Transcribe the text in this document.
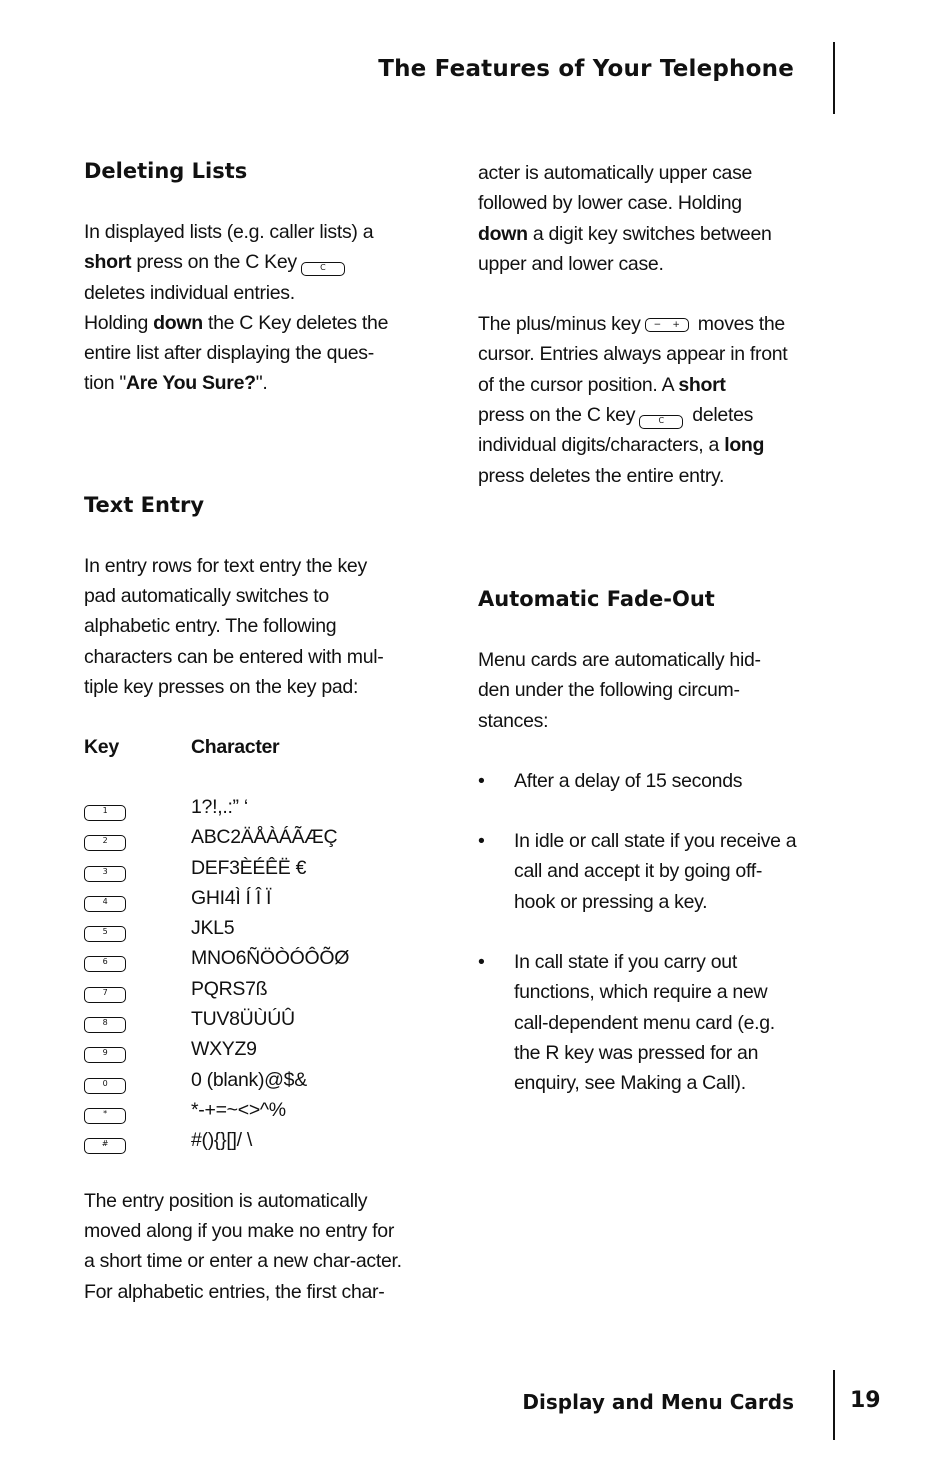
The Features of Your Telephone
Deleting Lists

In displayed lists (e.g. caller lists) a short press on the C Key	C
deletes individual entries.
Holding down the C Key deletes the entire list after displaying the ques-tion "Are You Sure?".

Text Entry

In entry rows for text entry the key pad automatically switches to alphabetic entry. The following characters can be entered with mul-tiple key presses on the key pad:

Key	Character

1	1?!,.:” ‘
2	ABC2ÄÅÀÁÃÆÇ
3	DEF3ÈÉÊË €
4	GHI4Ì Í Î Ï
5	JKL5
6	MNO6ÑÖÒÓÔÕØ
7	PQRS7ß
8	TUV8ÜÙÚÛ
9	WXYZ9
0	0 (blank)@$&
*	*-+=~<>^%
#	#(){}[]/ \

The entry position is automatically moved along if you make no entry for a short time or enter a new char-acter.

For alphabetic entries, the first char-

acter is automatically upper case followed by lower case. Holding down a digit key switches between upper and lower case.

The plus/minus key − + moves the cursor. Entries always appear in front of the cursor position. A short
press on the C key	C deletes individual digits/characters, a long press deletes the entire entry.

Automatic Fade-Out

Menu cards are automatically hid-den under the following circum-stances:

• After a delay of 15 seconds
• In idle or call state if you receive a call and accept it by going off-hook or pressing a key.
• In call state if you carry out functions, which require a new call-dependent menu card (e.g. the R key was pressed for an enquiry, see Making a Call).
Display and Menu Cards	19
